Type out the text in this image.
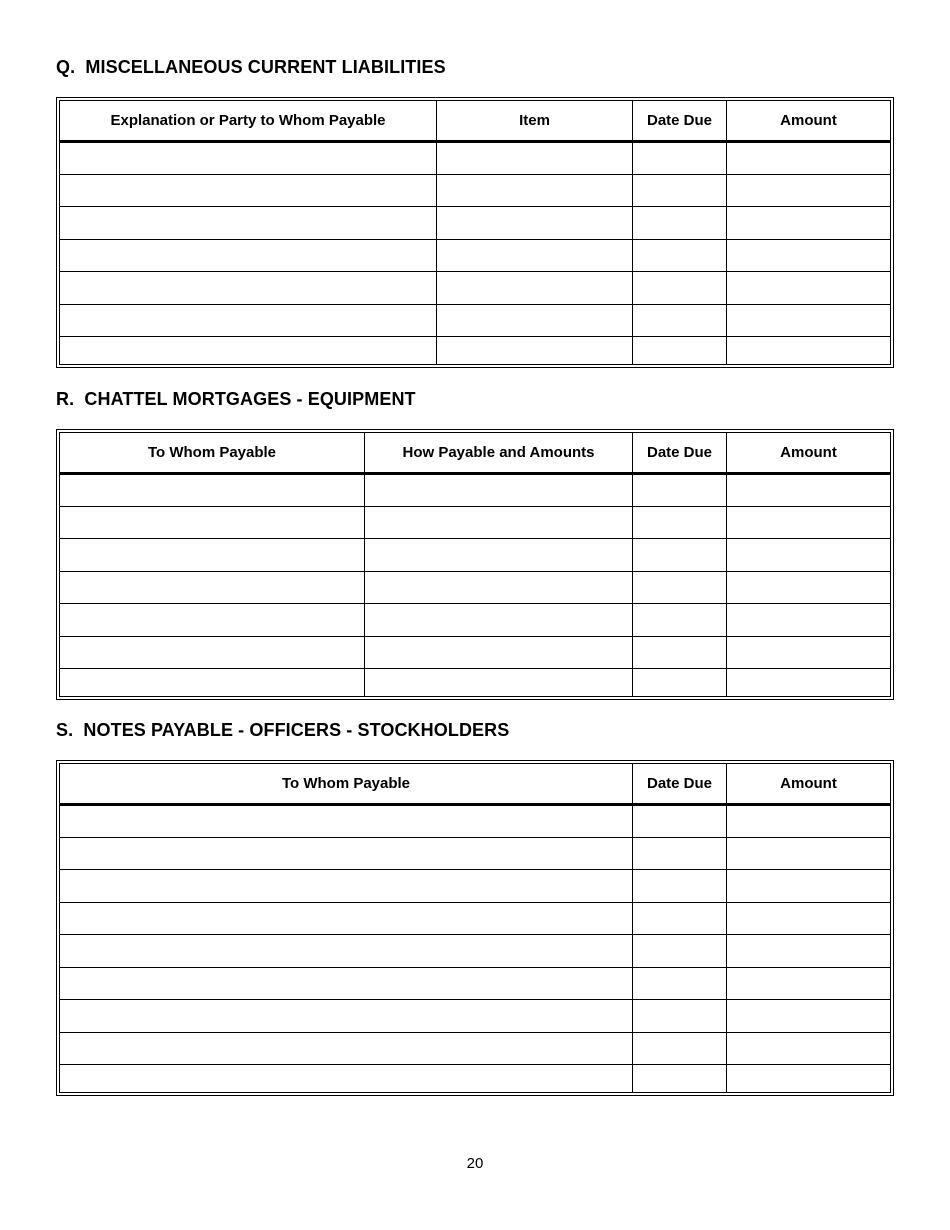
Q.  MISCELLANEOUS CURRENT LIABILITIES
Explanation or Party to Whom Payable	Item	Date Due	Amount

R.  CHATTEL MORTGAGES - EQUIPMENT
To Whom Payable	How Payable and Amounts	Date Due	Amount

S.  NOTES PAYABLE - OFFICERS - STOCKHOLDERS
To Whom Payable	Date Due	Amount

20
